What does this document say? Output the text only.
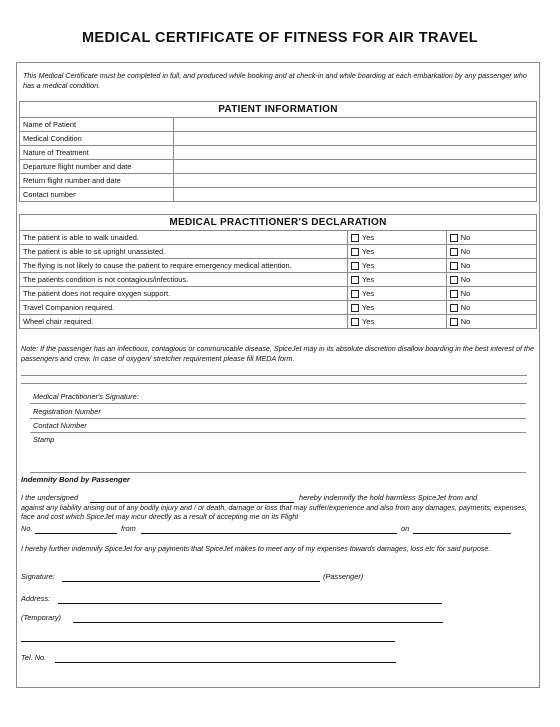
MEDICAL CERTIFICATE OF FITNESS FOR AIR TRAVEL
This Medical Certificate must be completed in full, and produced while booking and at check-in and while boarding at each embarkation by any passenger who has a medical condition.
PATIENT INFORMATION	
Name of Patient	
Medical Condition	
Nature of Treatment	
Departure flight number and date	
Return flight number and date	
Contact number	
MEDICAL PRACTITIONER'S DECLARATION		
The patient is able to walk unaided.	Yes	No
The patient is able to sit upright unassisted.	Yes	No
The flying is not likely to cause the patient to require emergency medical attention.	Yes	No
The patients condition is not contagious/infectious.	Yes	No
The patient does not require oxygen support.	Yes	No
Travel Companion required.	Yes	No
Wheel chair required.	Yes	No
Note: If the passenger has an infectious, contagious or communicable disease, SpiceJet may in its absolute discretion disallow boarding in the best interest of the passengers and crew. In case of oxygen/ stretcher requirement please fill MEDA form.
Medical Practitioner's Signature:
Registration Number
Contact Number
Stamp
Indemnity Bond by Passenger
I the undersigned	hereby indemnify the hold harmless SpiceJet from and
against any liability arising out of any bodily injury and / or death, damage or loss that may suffer/experience and also from any damages, payments, expenses, face and cost which SpiceJet may incur directly as a result of accepting me on its Flight
No.	from	on
I hereby further indemnify SpiceJet for any payments that SpiceJet makes to meet any of my expenses towards damages, loss etc for said purpose.
Signature:	(Passenger)
Address:
(Temporary)
Tel. No.
